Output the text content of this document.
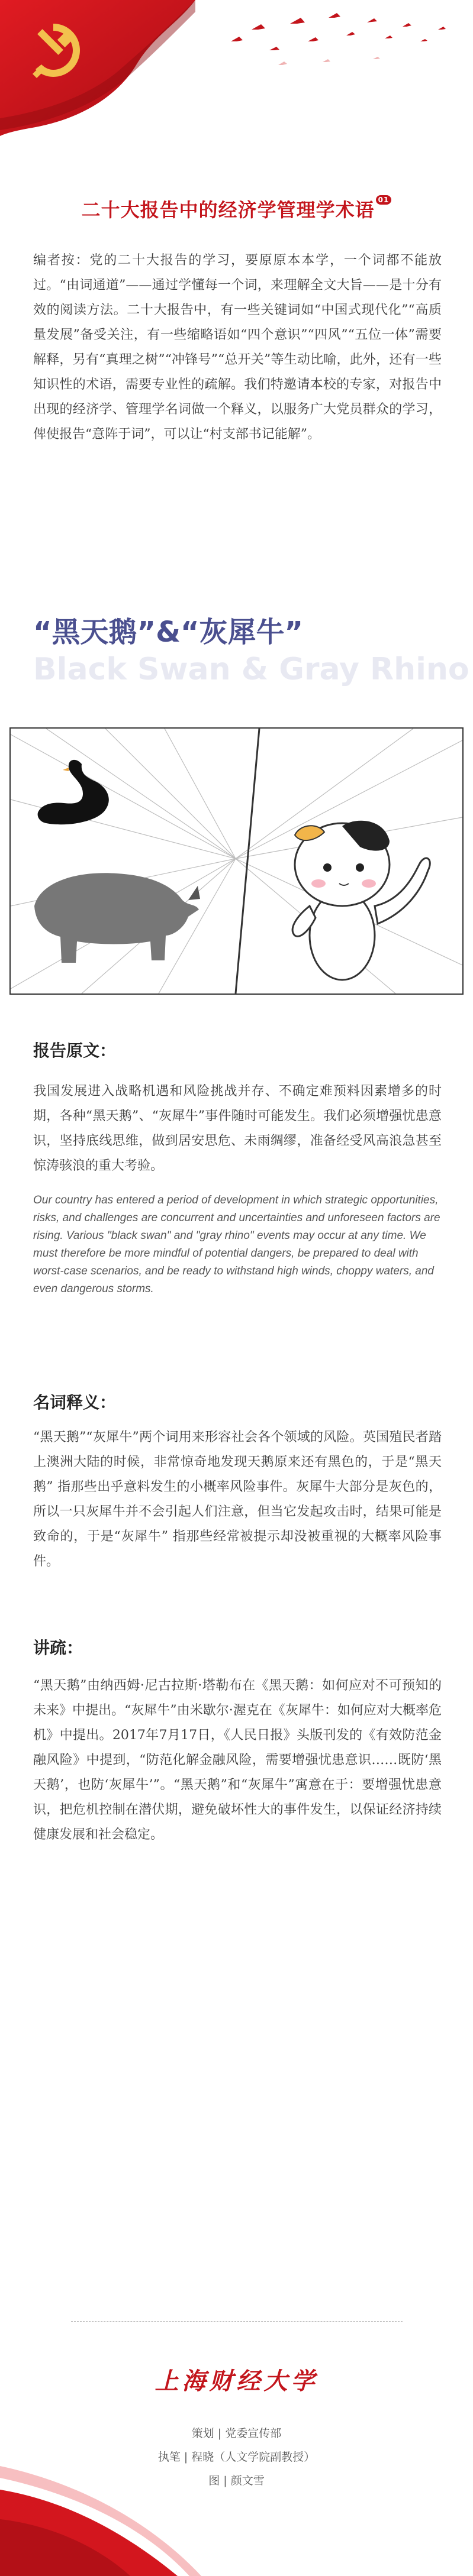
二十大报告中的经济学管理学术语 01
编者按：党的二十大报告的学习，要原原本本学，一个词都不能放过。“由词通道”——通过学懂每一个词，来理解全文大旨——是十分有效的阅读方法。二十大报告中，有一些关键词如“中国式现代化”“高质量发展”备受关注，有一些缩略语如“四个意识”“四风”“五位一体”需要解释，另有“真理之树”“冲锋号”“总开关”等生动比喻，此外，还有一些知识性的术语，需要专业性的疏解。我们特邀请本校的专家，对报告中出现的经济学、管理学名词做一个释义，以服务广大党员群众的学习，俾使报告“意阵于词”，可以让“村支部书记能解”。
“黑天鹅”&“灰犀牛”
Black Swan & Gray Rhino
报告原文：
我国发展进入战略机遇和风险挑战并存、不确定难预料因素增多的时期，各种“黑天鹅”、“灰犀牛”事件随时可能发生。我们必须增强忧患意识，坚持底线思维，做到居安思危、未雨绸缪，准备经受风高浪急甚至惊涛骇浪的重大考验。
Our country has entered a period of development in which strategic opportunities, risks, and challenges are concurrent and uncertainties and unforeseen factors are rising. Various "black swan" and "gray rhino" events may occur at any time. We must therefore be more mindful of potential dangers, be prepared to deal with worst-case scenarios, and be ready to withstand high winds, choppy waters, and even dangerous storms.
名词释义：
“黑天鹅”“灰犀牛”两个词用来形容社会各个领域的风险。英国殖民者踏上澳洲大陆的时候，非常惊奇地发现天鹅原来还有黑色的，于是“黑天鹅” 指那些出乎意料发生的小概率风险事件。灰犀牛大部分是灰色的，所以一只灰犀牛并不会引起人们注意，但当它发起攻击时，结果可能是致命的，于是“灰犀牛” 指那些经常被提示却没被重视的大概率风险事件。
讲疏：
“黑天鹅”由纳西姆·尼古拉斯·塔勒布在《黑天鹅：如何应对不可预知的未来》中提出。“灰犀牛”由米歇尔·渥克在《灰犀牛：如何应对大概率危机》中提出。2017年7月17日，《人民日报》头版刊发的《有效防范金融风险》中提到，“防范化解金融风险，需要增强忧患意识……既防‘黑天鹅’，也防‘灰犀牛’”。“黑天鹅”和“灰犀牛”寓意在于：要增强忧患意识，把危机控制在潜伏期，避免破坏性大的事件发生，以保证经济持续健康发展和社会稳定。
上海财经大学
策划 | 党委宣传部
执笔 | 程晓（人文学院副教授）
图 | 颜文雪
